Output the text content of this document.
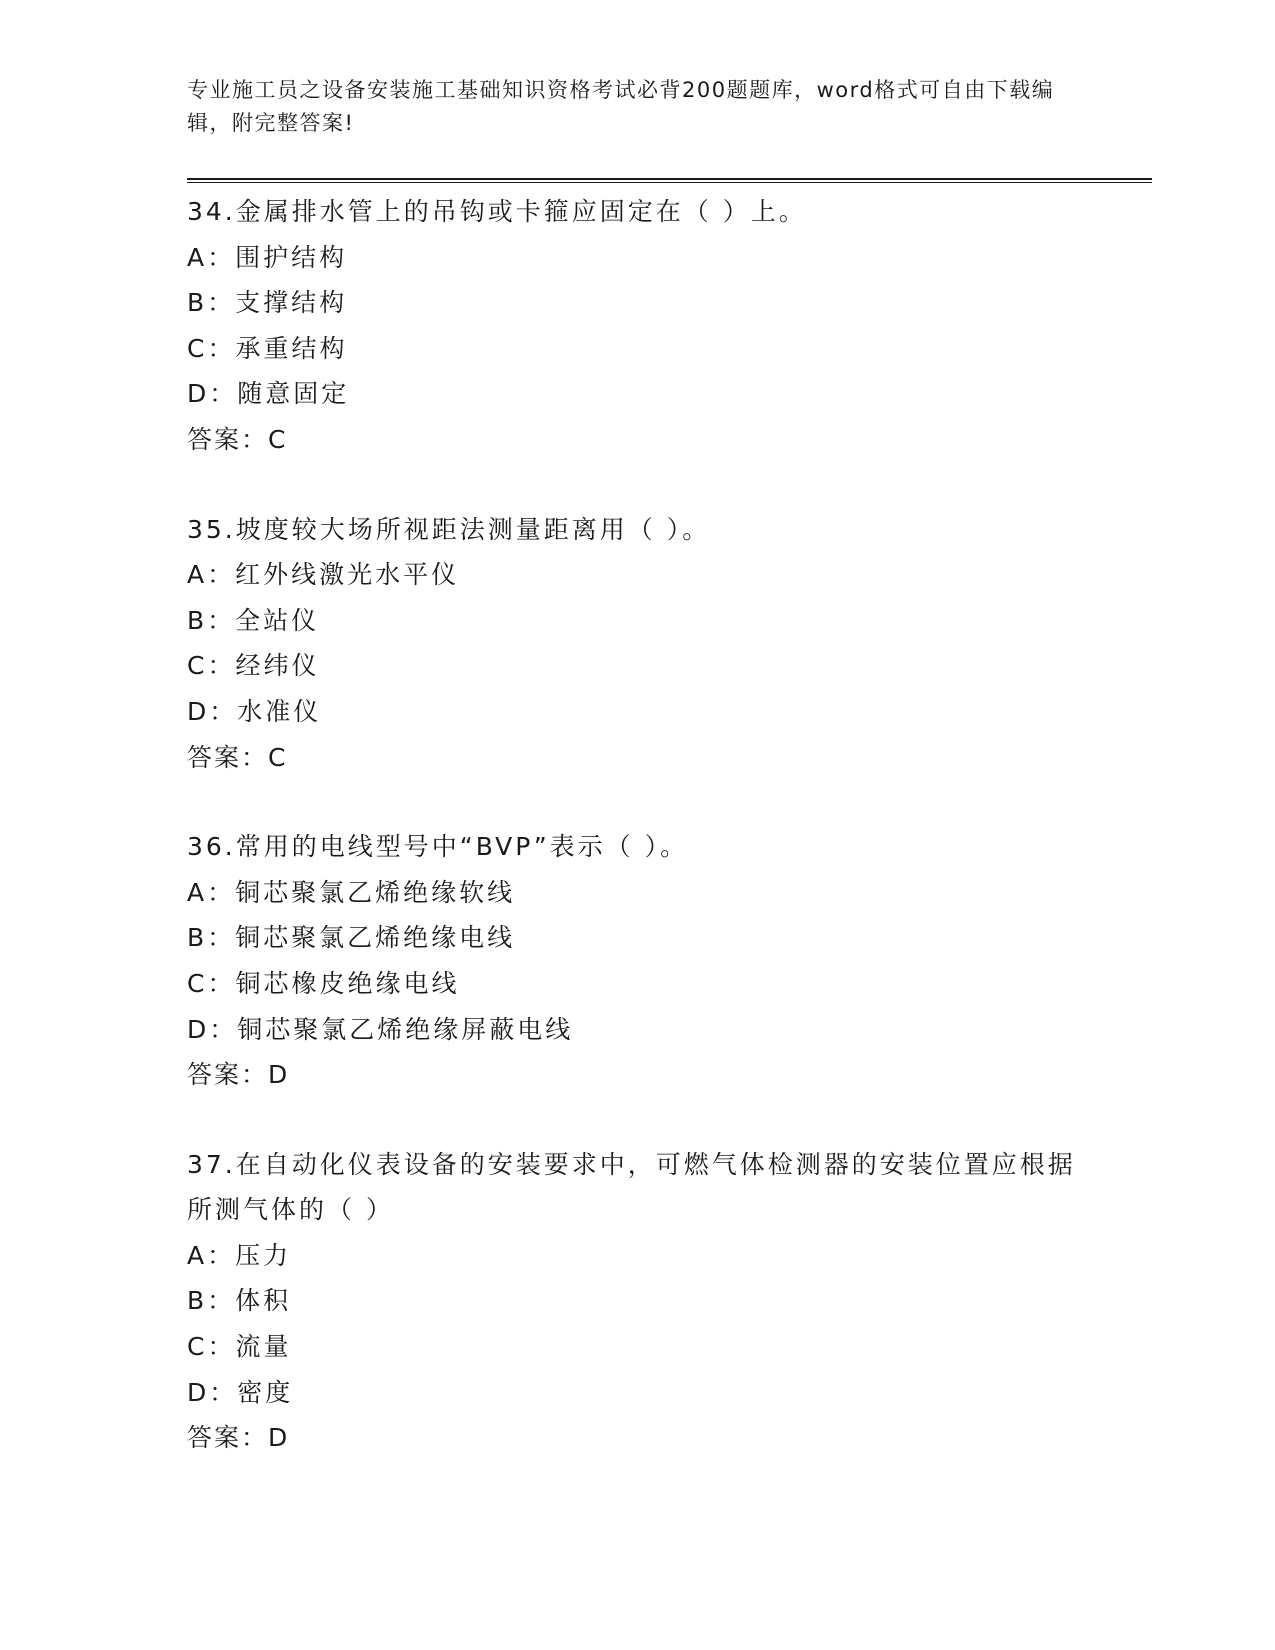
专业施工员之设备安装施工基础知识资格考试必背200题题库，word格式可自由下载编辑，附完整答案!
34.金属排水管上的吊钩或卡箍应固定在（ ）上。
A：围护结构
B：支撑结构
C：承重结构
D：随意固定
答案：C
35.坡度较大场所视距法测量距离用（ ）。
A：红外线激光水平仪
B：全站仪
C：经纬仪
D：水准仪
答案：C
36.常用的电线型号中“BVP”表示（ ）。
A：铜芯聚氯乙烯绝缘软线
B：铜芯聚氯乙烯绝缘电线
C：铜芯橡皮绝缘电线
D：铜芯聚氯乙烯绝缘屏蔽电线
答案：D
37.在自动化仪表设备的安装要求中，可燃气体检测器的安装位置应根据所测气体的（ ）
A：压力
B：体积
C：流量
D：密度
答案：D
